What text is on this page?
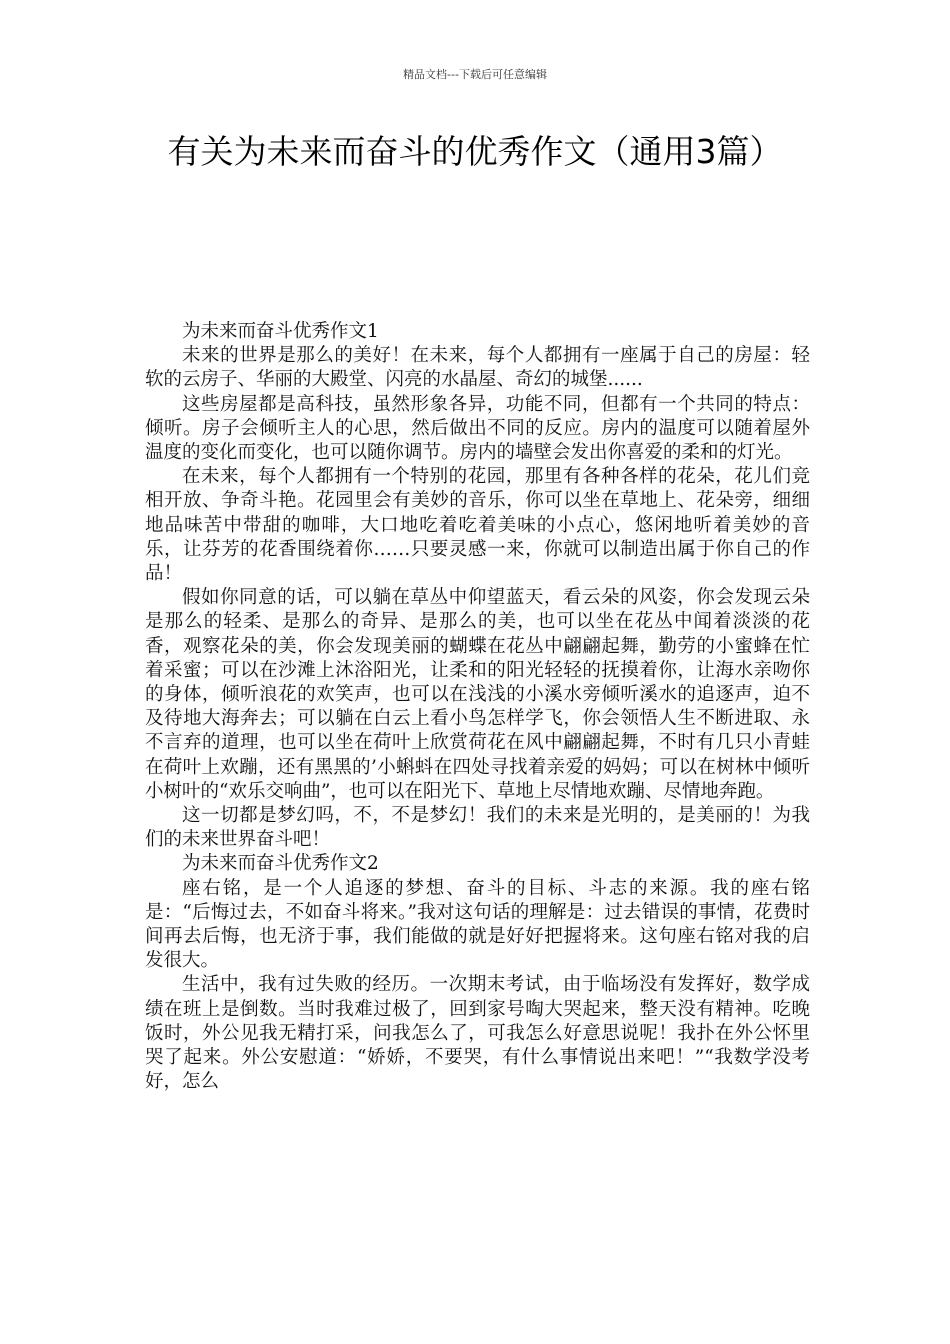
精品文档---下载后可任意编辑
有关为未来而奋斗的优秀作文（通用3篇）

为未来而奋斗优秀作文1

未来的世界是那么的美好！在未来，每个人都拥有一座属于自己的房屋：轻软的云房子、华丽的大殿堂、闪亮的水晶屋、奇幻的城堡......

这些房屋都是高科技，虽然形象各异，功能不同，但都有一个共同的特点：倾听。房子会倾听主人的心思，然后做出不同的反应。房内的温度可以随着屋外温度的变化而变化，也可以随你调节。房内的墙壁会发出你喜爱的柔和的灯光。

在未来，每个人都拥有一个特别的花园，那里有各种各样的花朵，花儿们竞相开放、争奇斗艳。花园里会有美妙的音乐，你可以坐在草地上、花朵旁，细细地品味苦中带甜的咖啡，大口地吃着吃着美味的小点心，悠闲地听着美妙的音乐，让芬芳的花香围绕着你……只要灵感一来，你就可以制造出属于你自己的作品！

假如你同意的话，可以躺在草丛中仰望蓝天，看云朵的风姿，你会发现云朵是那么的轻柔、是那么的奇异、是那么的美，也可以坐在花丛中闻着淡淡的花香，观察花朵的美，你会发现美丽的蝴蝶在花丛中翩翩起舞，勤劳的小蜜蜂在忙着采蜜；可以在沙滩上沐浴阳光，让柔和的阳光轻轻的抚摸着你，让海水亲吻你的身体，倾听浪花的欢笑声，也可以在浅浅的小溪水旁倾听溪水的追逐声，迫不及待地大海奔去；可以躺在白云上看小鸟怎样学飞，你会领悟人生不断进取、永不言弃的道理，也可以坐在荷叶上欣赏荷花在风中翩翩起舞，不时有几只小青蛙在荷叶上欢蹦，还有黑黑的’小蝌蚪在四处寻找着亲爱的妈妈；可以在树林中倾听小树叶的“欢乐交响曲”，也可以在阳光下、草地上尽情地欢蹦、尽情地奔跑。

这一切都是梦幻吗，不，不是梦幻！我们的未来是光明的，是美丽的！为我们的未来世界奋斗吧！

为未来而奋斗优秀作文2

座右铭，是一个人追逐的梦想、奋斗的目标、斗志的来源。我的座右铭是：“后悔过去，不如奋斗将来。”我对这句话的理解是：过去错误的事情，花费时间再去后悔，也无济于事，我们能做的就是好好把握将来。这句座右铭对我的启发很大。

生活中，我有过失败的经历。一次期末考试，由于临场没有发挥好，数学成绩在班上是倒数。当时我难过极了，回到家号啕大哭起来，整天没有精神。吃晚饭时，外公见我无精打采，问我怎么了，可我怎么好意思说呢！我扑在外公怀里哭了起来。外公安慰道：“娇娇，不要哭，有什么事情说出来吧！”“我数学没考好，怎么
